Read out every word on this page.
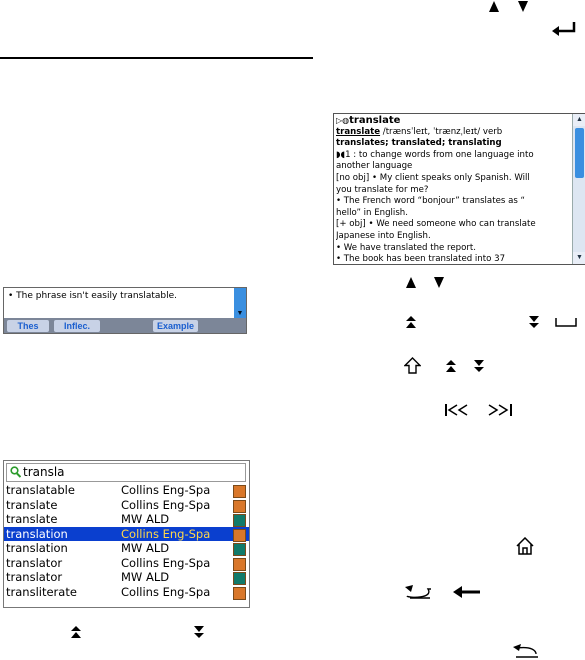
▷◍translate
translate /trænsˈleɪt, ˈtrænzˌleɪt/ verb
translates; translated; translating
◗◖1 : to change words from one language into
another language
[no obj] • My client speaks only Spanish. Will
you translate for me?
• The French word “bonjour” translates as “
hello” in English.
[+ obj] • We need someone who can translate
Japanese into English.
• We have translated the report.
• The book has been translated into 37
▲
▼
• The phrase isn't easily translatable.
▼
Thes	Inflec.	Example
transla
translatable	Collins Eng-Spa
translate	Collins Eng-Spa
translate	MW ALD
translation	Collins Eng-Spa
translation	MW ALD
translator	Collins Eng-Spa
translator	MW ALD
transliterate	Collins Eng-Spa
